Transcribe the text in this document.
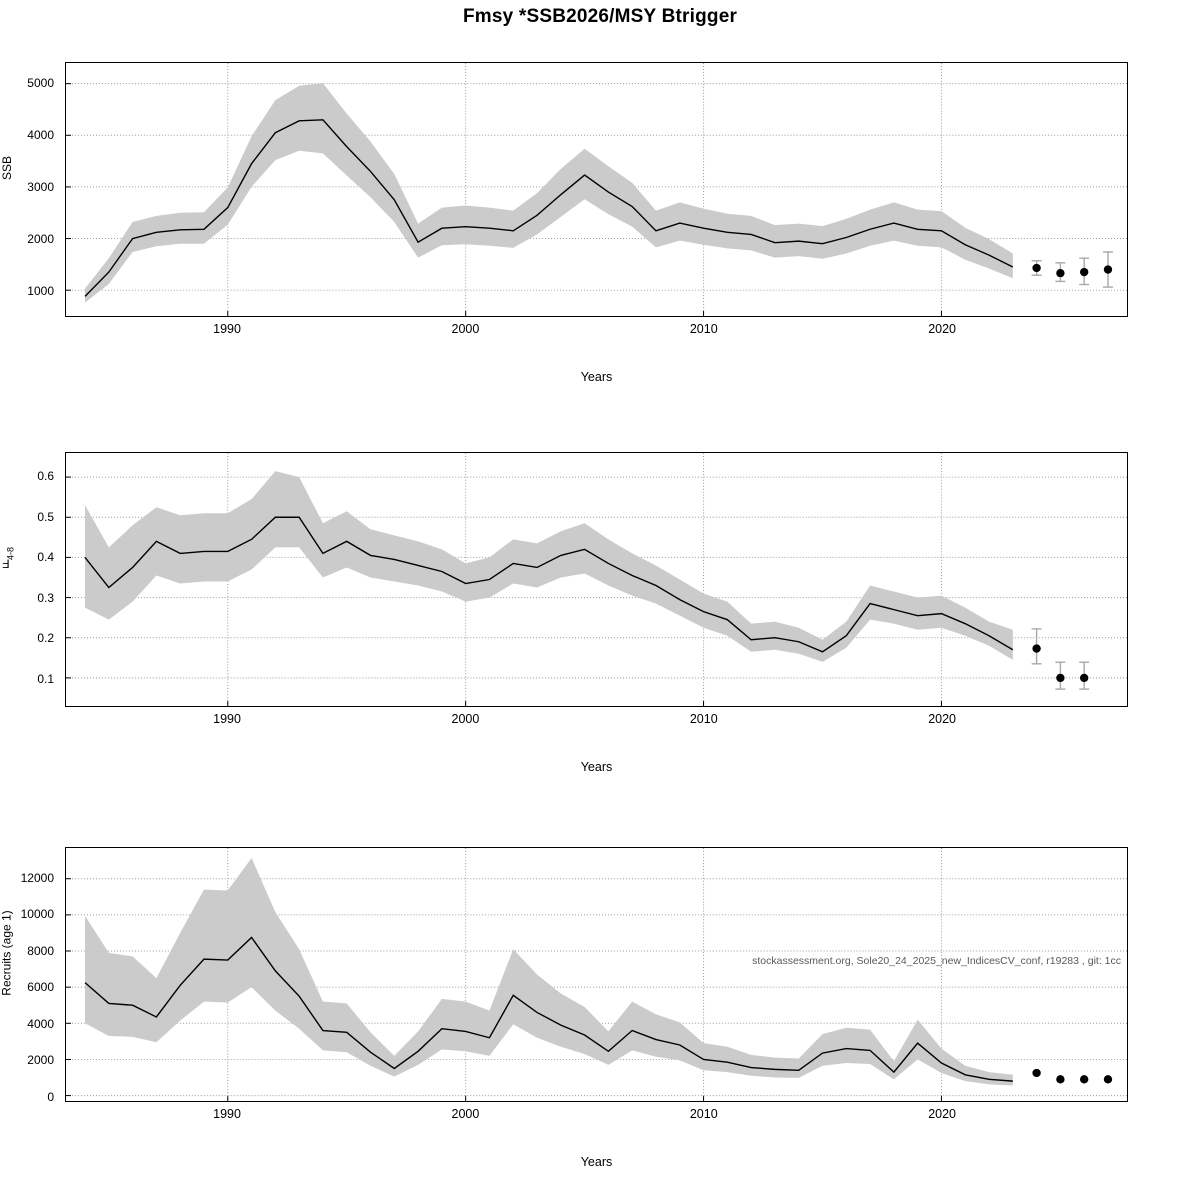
Fmsy *SSB2026/MSY Btrigger
SSB
1000
2000
3000
4000
5000
1990	2000	2010	2020
Years
$F_{4-8}$
0.1
0.2
0.3
0.4
0.5
0.6
1990	2000	2010	2020
Years
Recruits (age 1)
0
2000
4000
6000
8000
10000
12000
stockassessment.org, Sole20_24_2025_new_IndicesCV_conf, r19283 , git: 1cc
1990	2000	2010	2020
Years
